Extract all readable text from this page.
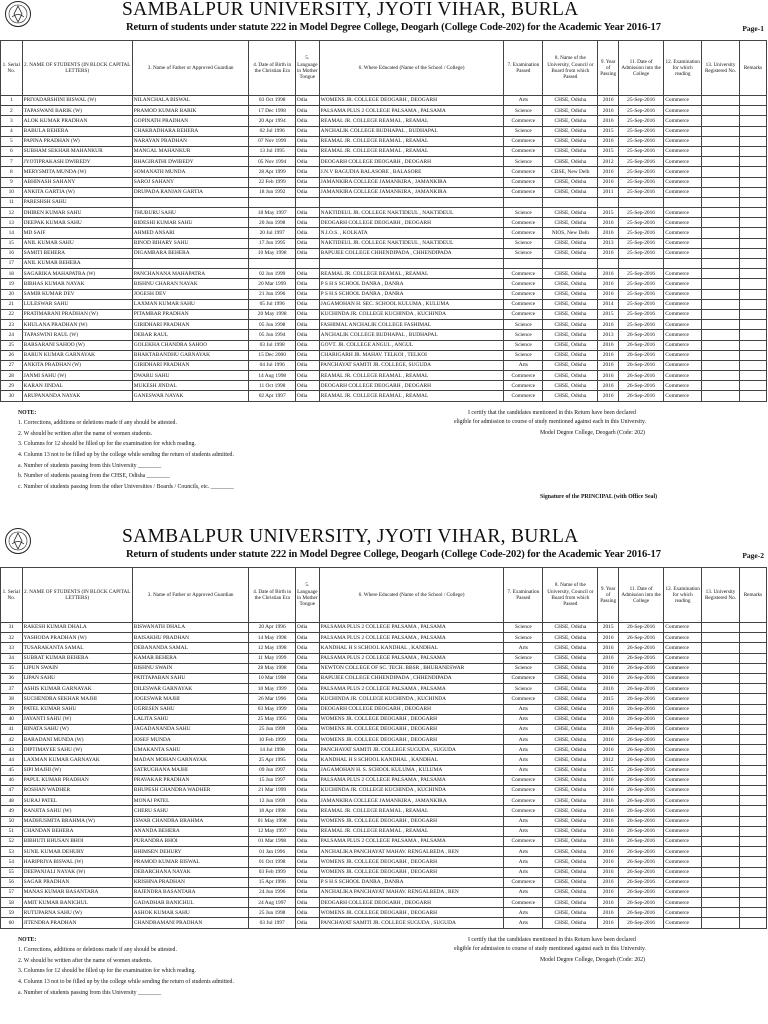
SAMBALPUR UNIVERSITY, JYOTI VIHAR, BURLA
Return of students under statute 222 in Model Degree College, Deogarh (College Code-202) for the Academic Year 2016-17	Page-1
1. Serial No.	2. NAME OF STUDENTS (IN BLOCK CAPITAL LETTERS)	3. Name of Father or Approved Guardian	4. Date of Birth in the Christian Era	5. Language in Mother Tongue	6. Where Educated (Name of the School / College)	7. Examination Passed	8. Name of the University, Council or Board from which Passed	9. Year of Passing	11. Date of Admission into the College	12. Examination for which reading	13. University Registered No.	Remarks
1	PRIYADARSHINI BISWAL (W)	NILANCHALA BISWAL	03 Oct 1998	Odia	WOMENS JR. COLLEGE DEOGARH , DEOGARH	Arts	CHSE, Odisha	2016	25-Sep-2016	Commerce		
2	TAPASWANI BARIK (W)	PRAMOD KUMAR BARIK	17 Dec 1998	Odia	PALSAMA PLUS 2 COLLEGE PALSAMA , PALSAMA	Science	CHSE, Odisha	2016	25-Sep-2016	Commerce		
3	ALOK KUMAR PRADHAN	GOPINATH PRADHAN	20 Apr 1994	Odia	REAMAL JR. COLLEGE REAMAL , REAMAL	Commerce	CHSE, Odisha	2016	25-Sep-2016	Commerce		
4	BABULA BEHERA	CHAKRADHARA BEHERA	02 Jul 1996	Odia	ANCHALIK COLLEGE BUDHAPAL , BUDHAPAL	Science	CHSE, Odisha	2015	25-Sep-2016	Commerce		
5	PAPINA PRADHAN (W)	NARAYAN PRADHAN	07 Nov 1999	Odia	REAMAL JR. COLLEGE REAMAL , REAMAL	Commerce	CHSE, Odisha	2016	25-Sep-2016	Commerce		
6	SUBHAM SEKHAR MAHANKUR	MANGAL MAHANKUR	13 Jul 1995	Odia	REAMAL JR. COLLEGE REAMAL , REAMAL	Commerce	CHSE, Odisha	2015	25-Sep-2016	Commerce		
7	JYOTIPRAKASH DWIBEDY	BHAGIRATHI DWIBEDY	05 Nov 1994	Odia	DEOGARH COLLEGE DEOGARH , DEOGARH	Science	CHSE, Odisha	2012	25-Sep-2016	Commerce		
8	MERYSMITA MUNDA (W)	SOMANATH MUNDA	28 Apr 1999	Odia	J.N.V BAGUDIA BALASORE , BALASORE	Commerce	CBSE, New Delh	2016	25-Sep-2016	Commerce		
9	ABHINASH SAHANY	SAROJ SAHANY	22 Feb 1999	Odia	JAMANKIRA COLLEGE JAMANKIRA , JAMANKIRA	Commerce	CHSE, Odisha	2016	25-Sep-2016	Commerce		
10	ANKITA GARTIA (W)	DRUPADA RANJAN GARTIA	18 Jun 1992	Odia	JAMANKIRA COLLEGE JAMANKIRA , JAMANKIRA	Commerce	CHSE, Odisha	2011	25-Sep-2016	Commerce		
11	PARESHSH SAHU											
12	DHIREN KUMAR SAHU	THUBURU SAHU	18 May 1997	Odia	NAKTIDEUL JR. COLLEGE NAKTIDEUL , NAKTIDEUL	Science	CHSE, Odisha	2015	25-Sep-2016	Commerce		
13	DEEPAK KUMAR SAHU	BIDESHI KUMAR SAHU	20 Jun 1998	Odia	DEOGARH COLLEGE DEOGARH , DEOGARH	Commerce	CHSE, Odisha	2016	25-Sep-2016	Commerce		
14	MD SAIF	AHMED ANSARI	20 Jul 1997	Odia	N.I.O.S. , KOLKATA	Commerce	NIOS, New Delh	2016	25-Sep-2016	Commerce		
15	ANIL KUMAR SAHU	BINOD BIHARY SAHU	17 Jun 1995	Odia	NAKTIDEUL JR. COLLEGE NAKTIDEUL , NAKTIDEUL	Science	CHSE, Odisha	2013	25-Sep-2016	Commerce		
16	SAMITI BEHERA	DIGAMBARA BEHERA	10 May 1998	Odia	BAPUJEE COLLEGE CHHENDIPADA , CHHENDIPADA	Science	CHSE, Odisha	2016	25-Sep-2016	Commerce		
17	ANIL KUMAR BEHERA											
18	SAGARIKA MAHAPATRA (W)	PANCHANANA MAHAPATRA	02 Jun 1999	Odia	REAMAL JR. COLLEGE REAMAL , REAMAL	Commerce	CHSE, Odisha	2016	25-Sep-2016	Commerce		
19	BIBHAS KUMAR NAYAK	BISHNU CHARAN NAYAK	20 Mar 1999	Odia	P S H S SCHOOL DANRA , DANRA	Commerce	CHSE, Odisha	2016	25-Sep-2016	Commerce		
20	SAMIR KUMAR DEV	JOGESH DEV	21 Jun 1996	Odia	P S H S SCHOOL DANRA , DANRA	Commerce	CHSE, Odisha	2016	25-Sep-2016	Commerce		
21	LULESWAR SAHU	LAXMAN KUMAR SAHU	05 Jul 1996	Odia	JAGAMOHAN H. SEC. SCHOOL KULUMA , KULUMA	Commerce	CHSE, Odisha	2014	25-Sep-2016	Commerce		
22	PRATIMARANI PRADHAN (W)	PITAMBAR PRADHAN	20 May 1998	Odia	KUCHINDA JR. COLLEGE KUCHINDA , KUCHINDA	Commerce	CHSE, Odisha	2015	25-Sep-2016	Commerce		
23	KHULANA PRADHAN (W)	GIRIDHARI PRADHAN	05 Jun 1998	Odia	FASHIMAL ANCHALIK COLLEGE FASHIMAL	Science	CHSE, Odisha	2016	25-Sep-2016	Commerce		
24	TAPASWINI RAUL (W)	DEBAR RAUL	05 Jun 1994	Odia	ANCHALIK COLLEGE BUDHAPAL , BUDHAPAL	Science	CHSE, Odisha	2013	26-Sep-2016	Commerce		
25	BARSARANI SAHOO (W)	GOLEKHA CHANDRA SAHOO	03 Jul 1998	Odia	GOVT. JR. COLLEGE ANGUL , ANGUL	Science	CHSE, Odisha	2016	26-Sep-2016	Commerce		
26	BARUN KUMAR GARNAYAK	BHAKTABANDHU GARNAYAK	15 Dec 2000	Odia	CHARIGARH JR. MAHAV. TELKOI , TELKOI	Science	CHSE, Odisha	2016	26-Sep-2016	Commerce		
27	ANKITA PRADHAN (W)	GIRIDHARI PRADHAN	04 Jul 1996	Odia	PANCHAYAT SAMITI JR. COLLEGE, SUGUDA	Arts	CHSE, Odisha	2016	26-Sep-2016	Commerce		
28	JANMI SAHU (W)	DWARU SAHU	14 Aug 1998	Odia	REAMAL JR. COLLEGE REAMAL , REAMAL	Commerce	CHSE, Odisha	2016	26-Sep-2016	Commerce		
29	KARAN JINDAL	MUKESH JINDAL	11 Oct 1998	Odia	DEOGARH COLLEGE DEOGARH , DEOGARH	Commerce	CHSE, Odisha	2016	26-Sep-2016	Commerce		
30	ARUPANANDA NAYAK	GANESWAR NAYAK	02 Apr 1997	Odia	REAMAL JR. COLLEGE REAMAL , REAMAL	Commerce	CHSE, Odisha	2016	26-Sep-2016	Commerce		
NOTE:
1. Corrections, additions or deletions made if any should be attested.
2. W should be written after the name of women students.
3. Columns for 12 should be filled up for the examination for which reading.
4. Column 13 not to be filled up by the college while sending the return of students admitted.
a. Number of students passing from this University ________
b. Number of students passing from the CHSE, Odisha ________
c. Number of students passing from the other Universities / Boards / Councils, etc. ________
I certify that the candidates mentioned in this Return have been declared
eligible for admission to course of study mentioned against each in this University.
Model Degree College, Deogarh (Code: 202)
Signature of the PRINCIPAL (with Office Seal)
SAMBALPUR UNIVERSITY, JYOTI VIHAR, BURLA
Return of students under statute 222 in Model Degree College, Deogarh (College Code-202) for the Academic Year 2016-17	Page-2
1. Serial No.	2. NAME OF STUDENTS (IN BLOCK CAPITAL LETTERS)	3. Name of Father or Approved Guardian	4. Date of Birth in the Christian Era	5. Language in Mother Tongue	6. Where Educated (Name of the School / College)	7. Examination Passed	8. Name of the University, Council or Board from which Passed	9. Year of Passing	11. Date of Admission into the College	12. Examination for which reading	13. University Registered No.	Remarks
31	RAKESH KUMAR DHALA	BISWANATH DHALA	20 Apr 1996	Odia	PALSAMA PLUS 2 COLLEGE PALSAMA , PALSAMA	Science	CHSE, Odisha	2015	26-Sep-2016	Commerce		
32	YASHODA PRADHAN (W)	BAISAKHU PRADHAN	14 May 1998	Odia	PALSAMA PLUS 2 COLLEGE PALSAMA , PALSAMA	Science	CHSE, Odisha	2016	26-Sep-2016	Commerce		
33	TUSARAKANTA SAMAL	DEBANANDA SAMAL	12 May 1998	Odia	KANDHAL H S SCHOOL KANDHAL , KANDHAL	Arts	CHSE, Odisha	2016	26-Sep-2016	Commerce		
34	SUBRAT KUMAR BEHERA	KAMAR BEHERA	11 May 1999	Odia	PALSAMA PLUS 2 COLLEGE PALSAMA , PALSAMA	Science	CHSE, Odisha	2016	26-Sep-2016	Commerce		
35	LIPUN SWAIN	BISHNU SWAIN	28 May 1998	Odia	NEWTON COLLEGE OF SC. TECH. BBSR , BHUBANESWAR	Science	CHSE, Odisha	2016	26-Sep-2016	Commerce		
36	LIPAN SAHU	PATITAPABAN SAHU	10 Mar 1998	Odia	BAPUJEE COLLEGE CHHENDIPADA , CHHENDIPADA	Commerce	CHSE, Odisha	2016	26-Sep-2016	Commerce		
37	ASHIS KUMAR GARNAYAK	DILESWAR GARNAYAK	10 May 1999	Odia	PALSAMA PLUS 2 COLLEGE PALSAMA , PALSAMA	Science	CHSE, Odisha	2016	26-Sep-2016	Commerce		
38	SUCHENDRA SEKHAR MAJHI	JOGESWAR MAJHI	26 Mar 1996	Odia	KUCHINDA JR. COLLEGE KUCHINDA , KUCHINDA	Commerce	CHSE, Odisha	2015	26-Sep-2016	Commerce		
39	PATEL KUMAR SAHU	UGRESEN SAHU	03 May 1999	Odia	DEOGARH COLLEGE DEOGARH , DEOGARH	Arts	CHSE, Odisha	2016	26-Sep-2016	Commerce		
40	JAYANTI SAHU (W)	LALITA SAHU	25 May 1995	Odia	WOMENS JR. COLLEGE DEOGARH , DEOGARH	Arts	CHSE, Odisha	2016	26-Sep-2016	Commerce		
41	BINATA SAHU (W)	JAGADANANDA SAHU	25 Jun 1999	Odia	WOMENS JR. COLLEGE DEOGARH , DEOGARH	Arts	CHSE, Odisha	2016	26-Sep-2016	Commerce		
42	BARADANI MUNDA (W)	JOSEF MUNDA	10 Feb 1999	Odia	WOMENS JR. COLLEGE DEOGARH , DEOGARH	Arts	CHSE, Odisha	2016	26-Sep-2016	Commerce		
43	DIPTIMAYEE SAHU (W)	UMAKANTA SAHU	14 Jul 1998	Odia	PANCHAYAT SAMITI JR. COLLEGE SUGUDA , SUGUDA	Arts	CHSE, Odisha	2016	26-Sep-2016	Commerce		
44	LAXMAN KUMAR GARNAYAK	MADAN MOHAN GARNAYAK	25 Apr 1995	Odia	KANDHAL H S SCHOOL KANDHAL , KANDHAL	Arts	CHSE, Odisha	2012	26-Sep-2016	Commerce		
45	SIPI MAJHI (W)	SATRUGHANA MAJHI	09 Jun 1997	Odia	JAGAMOHAN H. S. SCHOOL KULUMA , KULUMA	Arts	CHSE, Odisha	2015	26-Sep-2016	Commerce		
46	PAPUL KUMAR PRADHAN	PRAVAKAR PRADHAN	15 Jun 1997	Odia	PALSAMA PLUS 2 COLLEGE PALSAMA , PALSAMA	Commerce	CHSE, Odisha	2016	26-Sep-2016	Commerce		
47	ROSHAN WADHER	BHUPESH CHANDRA WADHER	21 Mar 1999	Odia	KUCHINDA JR. COLLEGE KUCHINDA , KUCHINDA	Commerce	CHSE, Odisha	2016	26-Sep-2016	Commerce		
48	SURAJ PATEL	MONAJ PATEL	12 Jun 1999	Odia	JAMANKIRA COLLEGE JAMANKIRA , JAMANKIRA	Commerce	CHSE, Odisha	2016	26-Sep-2016	Commerce		
49	RANJITA SAHU (W)	CHERU SAHU	18 Apr 1998	Odia	REAMAL JR. COLLEGE REAMAL , REAMAL	Commerce	CHSE, Odisha	2016	26-Sep-2016	Commerce		
50	MADHUSMITA BRAHMA (W)	ISWAR CHANDRA BRAHMA	01 May 1998	Odia	WOMENS JR. COLLEGE DEOGARH , DEOGARH	Arts	CHSE, Odisha	2016	26-Sep-2016	Commerce		
51	CHANDAN BEHERA	ANANDA BEHERA	12 May 1997	Odia	REAMAL JR. COLLEGE REAMAL , REAMAL	Arts	CHSE, Odisha	2016	26-Sep-2016	Commerce		
52	BIBHUTI BHUSAN BHOI	PURANDRA BHOI	01 Mar 1998	Odia	PALSAMA PLUS 2 COLLEGE PALSAMA , PALSAMA	Commerce	CHSE, Odisha	2016	26-Sep-2016	Commerce		
53	SUNIL KUMAR DEHURY	BHIMSEN DEHURY	01 Jan 1996	Odia	ANCHALIKA PANCHAYAT MAHAV. RENGALBEDA , REN	Arts	CHSE, Odisha	2016	26-Sep-2016	Commerce		
54	HARIPRIYA BISWAL (W)	PRAMOD KUMAR BISWAL	01 Oct 1998	Odia	WOMENS JR. COLLEGE DEOGARH , DEOGARH	Arts	CHSE, Odisha	2016	26-Sep-2016	Commerce		
55	DEEPANJALI NAYAK (W)	DEBARCHANA NAYAK	03 Feb 1999	Odia	WOMENS JR. COLLEGE DEOGARH , DEOGARH	Arts	CHSE, Odisha	2016	26-Sep-2016	Commerce		
56	SAGAR PRADHAN	KRISHNA PRADHAN	15 Apr 1996	Odia	P S H S SCHOOL DANRA , DANRA	Commerce	CHSE, Odisha	2016	26-Sep-2016	Commerce		
57	MANAS KUMAR BASANTARA	RAJENDRA BASANTARA	24 Jun 1996	Odia	ANCHALIKA PANCHAYAT MAHAV. RENGALBEDA , REN	Arts	CHSE, Odisha	2016	26-Sep-2016	Commerce		
58	AMIT KUMAR BANICHUL	GADADHAR BANICHUL	24 Aug 1997	Odia	DEOGARH COLLEGE DEOGARH , DEOGARH	Commerce	CHSE, Odisha	2016	26-Sep-2016	Commerce		
59	RUTUPARNA SAHU (W)	ASHOK KUMAR SAHU	25 Jun 1998	Odia	WOMENS JR. COLLEGE DEOGARH , DEOGARH	Arts	CHSE, Odisha	2016	26-Sep-2016	Commerce		
60	JITENDRA PRADHAN	CHANDRAMANI PRADHAN	03 Jul 1997	Odia	PANCHAYAT SAMITI JR. COLLEGE SUGUDA , SUGUDA	Arts	CHSE, Odisha	2016	26-Sep-2016	Commerce		
NOTE:
1. Corrections, additions or deletions made if any should be attested.
2. W should be written after the name of women students.
3. Columns for 12 should be filled up for the examination for which reading.
4. Column 13 not to be filled up by the college while sending the return of students admitted.
a. Number of students passing from this University ________
I certify that the candidates mentioned in this Return have been declared
eligible for admission to course of study mentioned against each in this University.
Model Degree College, Deogarh (Code: 202)
